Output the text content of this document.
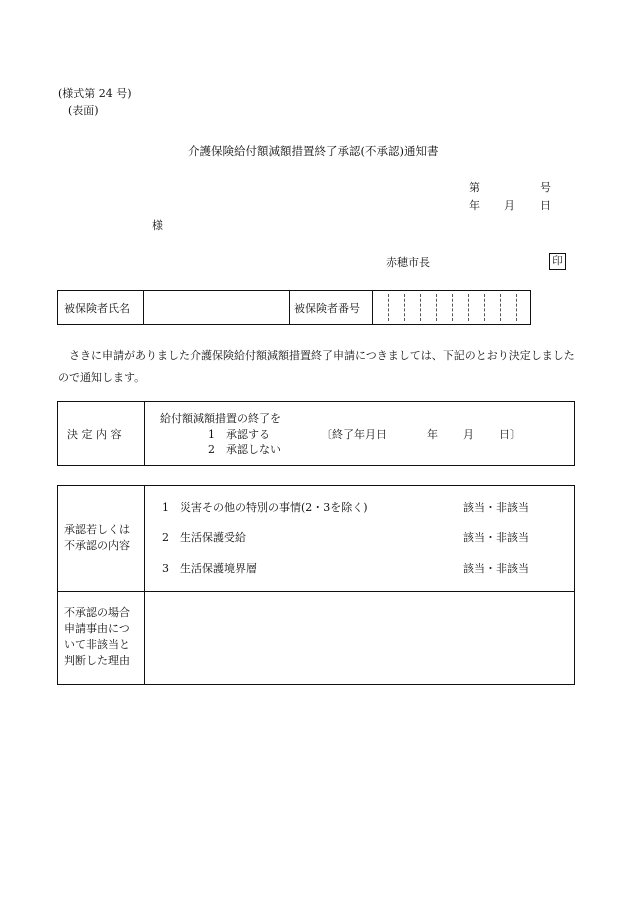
(様式第 24 号)
(表面)
介護保険給付額減額措置終了承認(不承認)通知書
第	号
年 月 日
様
赤穂市長	印
被保険者氏名	被保険者番号
さきに申請がありました介護保険給付額減額措置終了申請につきましては、下記のとおり決定しましたので通知します。
決 定 内 容
給付額減額措置の終了を
1　承認する	〔終了年月日	年 月 日〕
2　承認しない
承認若しくは
不承認の内容
1　災害その他の特別の事情(2・3を除く)	該当・非該当
2　生活保護受給	該当・非該当
3　生活保護境界層	該当・非該当
不承認の場合
申請事由につ
いて非該当と
判断した理由
